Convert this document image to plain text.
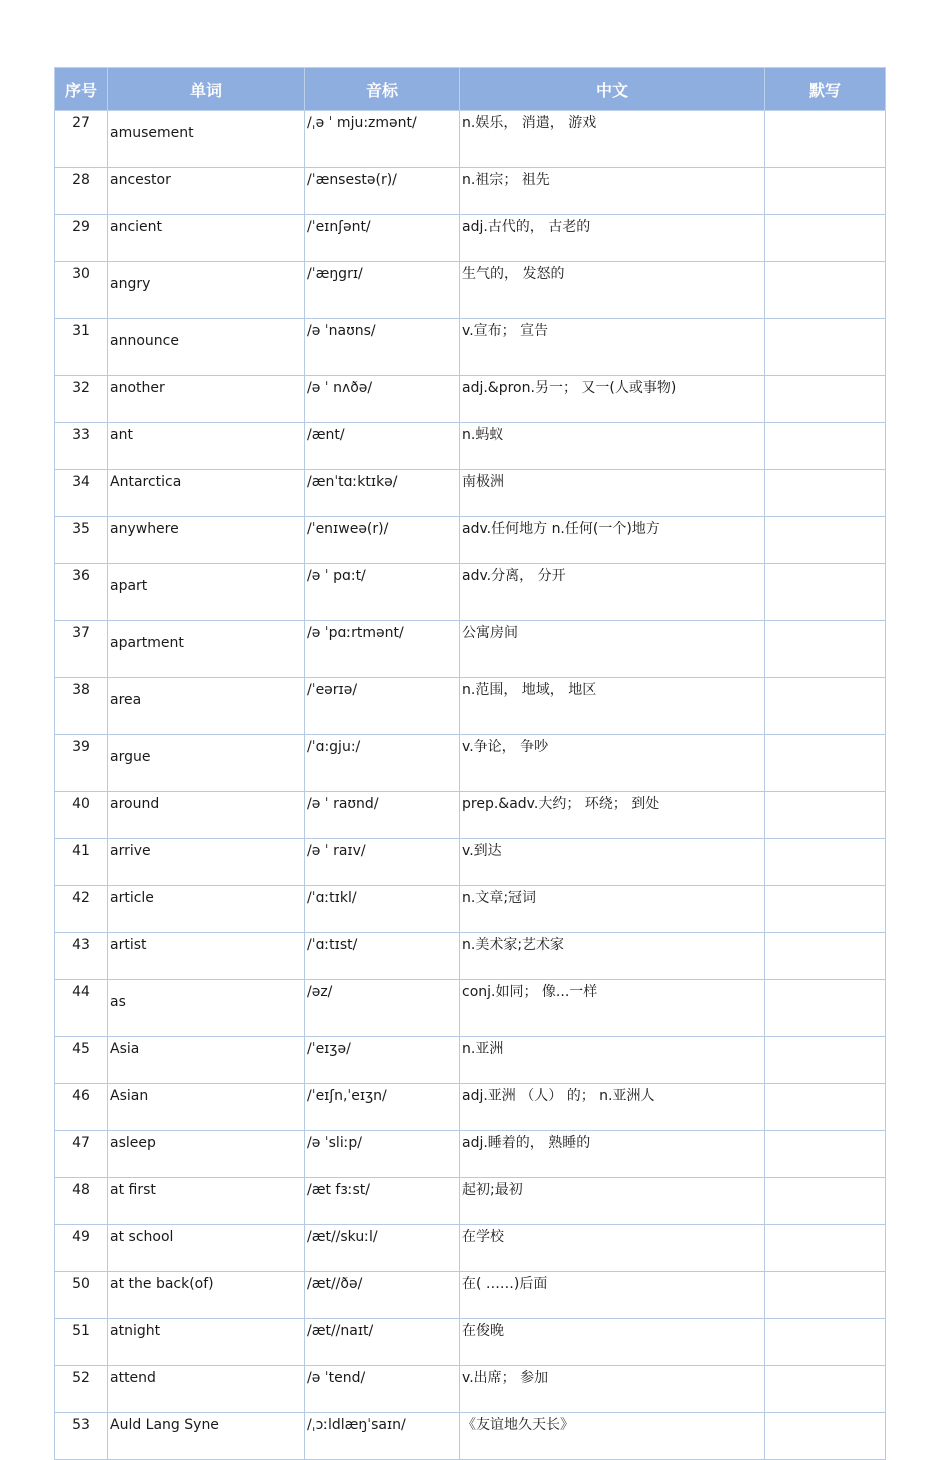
序号	单词	音标	中文	默写
27	amusement	/ˌə ˈ mju:zmənt/	n.娱乐， 消遣， 游戏	
28	ancestor	/ˈænsestə(r)/	n.祖宗； 祖先	
29	ancient	/ˈeɪnʃənt/	adj.古代的， 古老的	
30	angry	/ˈæŋgrɪ/	生气的， 发怒的	
31	announce	/ə ˈnaʊns/	v.宣布； 宣告	
32	another	/ə ˈ nʌðə/	adj.&pron.另一； 又一(人或事物)	
33	ant	/ænt/	n.蚂蚁	
34	Antarctica	/ænˈtɑːktɪkə/	南极洲	
35	anywhere	/ˈenɪweə(r)/	adv.任何地方 n.任何(一个)地方	
36	apart	/ə ˈ pɑ:t/	adv.分离， 分开	
37	apartment	/ə ˈpɑːrtmənt/	公寓房间	
38	area	/ˈeərɪə/	n.范围， 地域， 地区	
39	argue	/ˈɑ:gju:/	v.争论， 争吵	
40	around	/ə ˈ raʊnd/	prep.&adv.大约； 环绕； 到处	
41	arrive	/ə ˈ raɪv/	v.到达	
42	article	/ˈɑːtɪkl/	n.文章;冠词	
43	artist	/ˈɑːtɪst/	n.美术家;艺术家	
44	as	/əz/	conj.如同； 像...一样	
45	Asia	/ˈeɪʒə/	n.亚洲	
46	Asian	/ˈeɪʃn,ˈeɪʒn/	adj.亚洲 （人） 的； n.亚洲人	
47	asleep	/ə ˈsliːp/	adj.睡着的， 熟睡的	
48	at first	/æt fɜːst/	起初;最初	
49	at school	/æt//skuːl/	在学校	
50	at the back(of)	/æt//ðə/	在( ……)后面	
51	atnight	/æt//naɪt/	在俊晚	
52	attend	/ə ˈtend/	v.出席； 参加	
53	Auld Lang Syne	/ˌɔːldlæŋˈsaɪn/	《友谊地久天长》	
